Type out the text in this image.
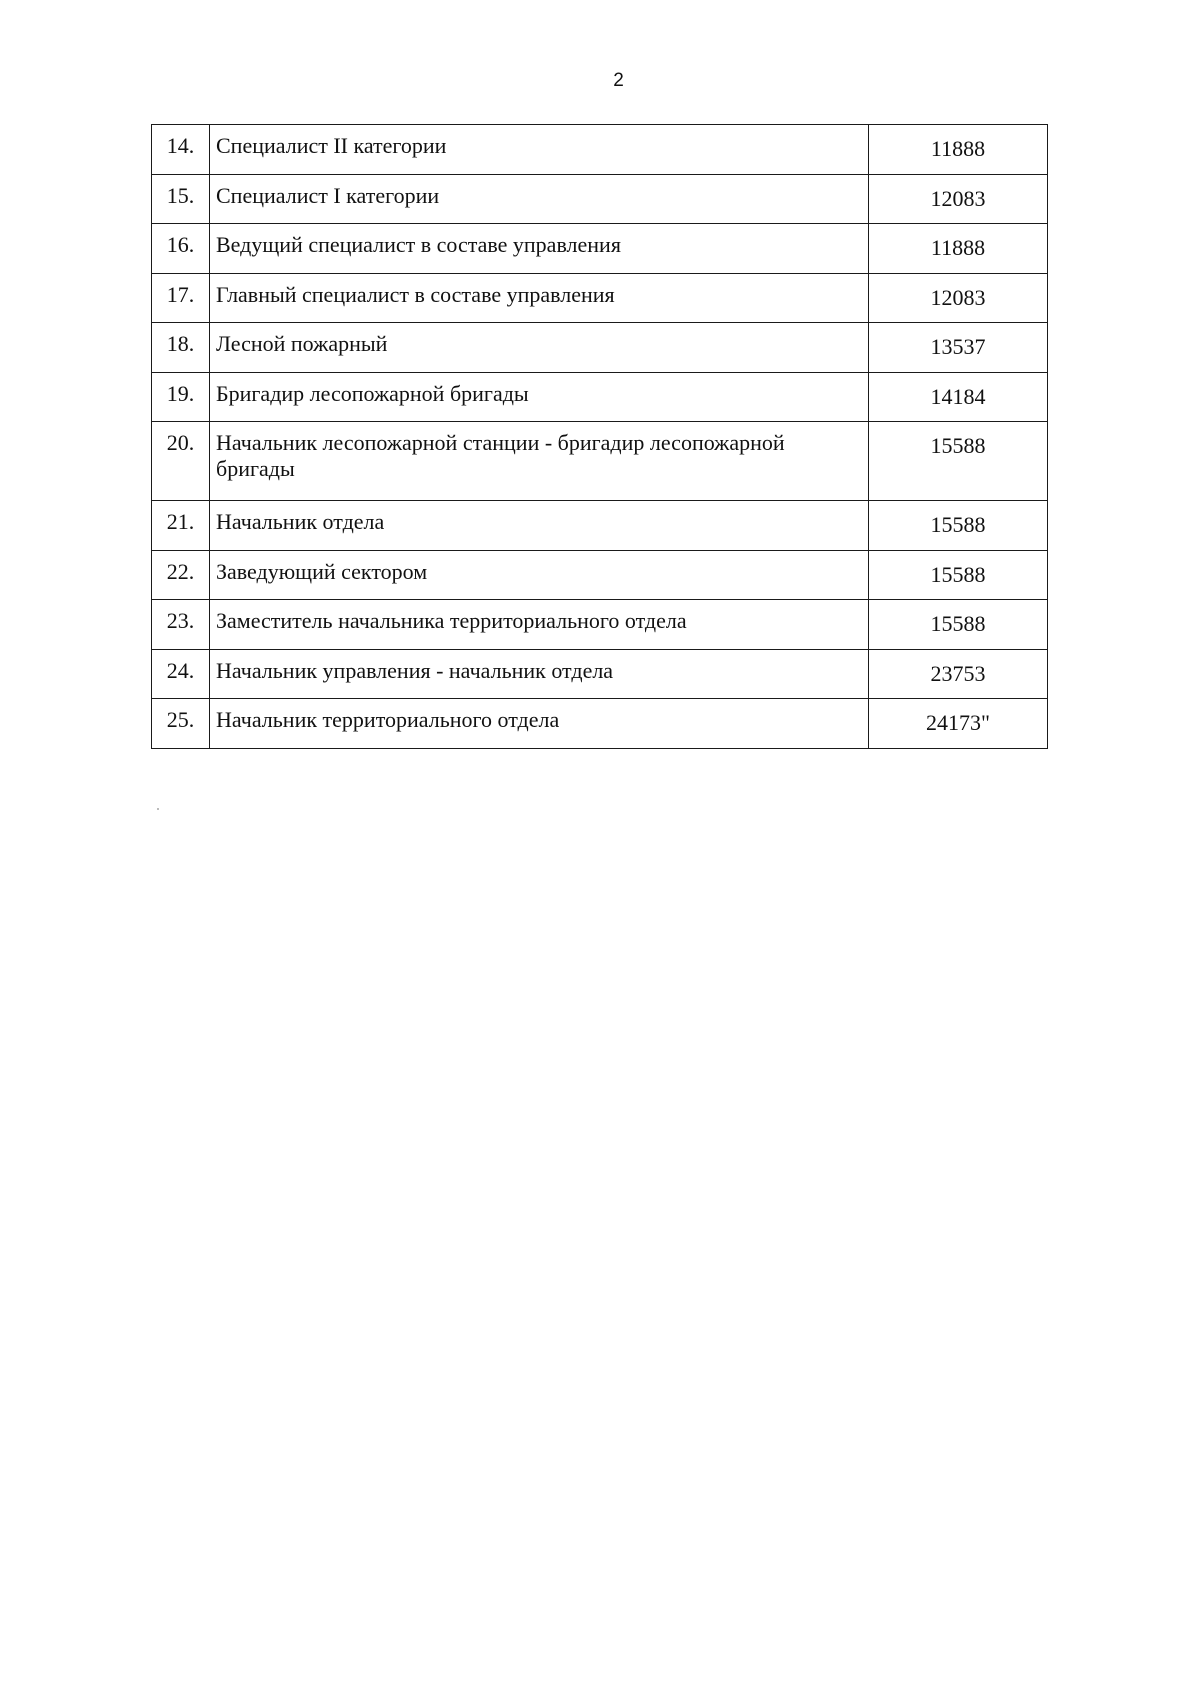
2
14.	Специалист II категории	11888
15.	Специалист I категории	12083
16.	Ведущий специалист в составе управления	11888
17.	Главный специалист в составе управления	12083
18.	Лесной пожарный	13537
19.	Бригадир лесопожарной бригады	14184
20.	Начальник лесопожарной станции - бригадир лесопожарной бригады	15588
21.	Начальник отдела	15588
22.	Заведующий сектором	15588
23.	Заместитель начальника территориального отдела	15588
24.	Начальник управления - начальник отдела	23753
25.	Начальник территориального отдела	24173"
